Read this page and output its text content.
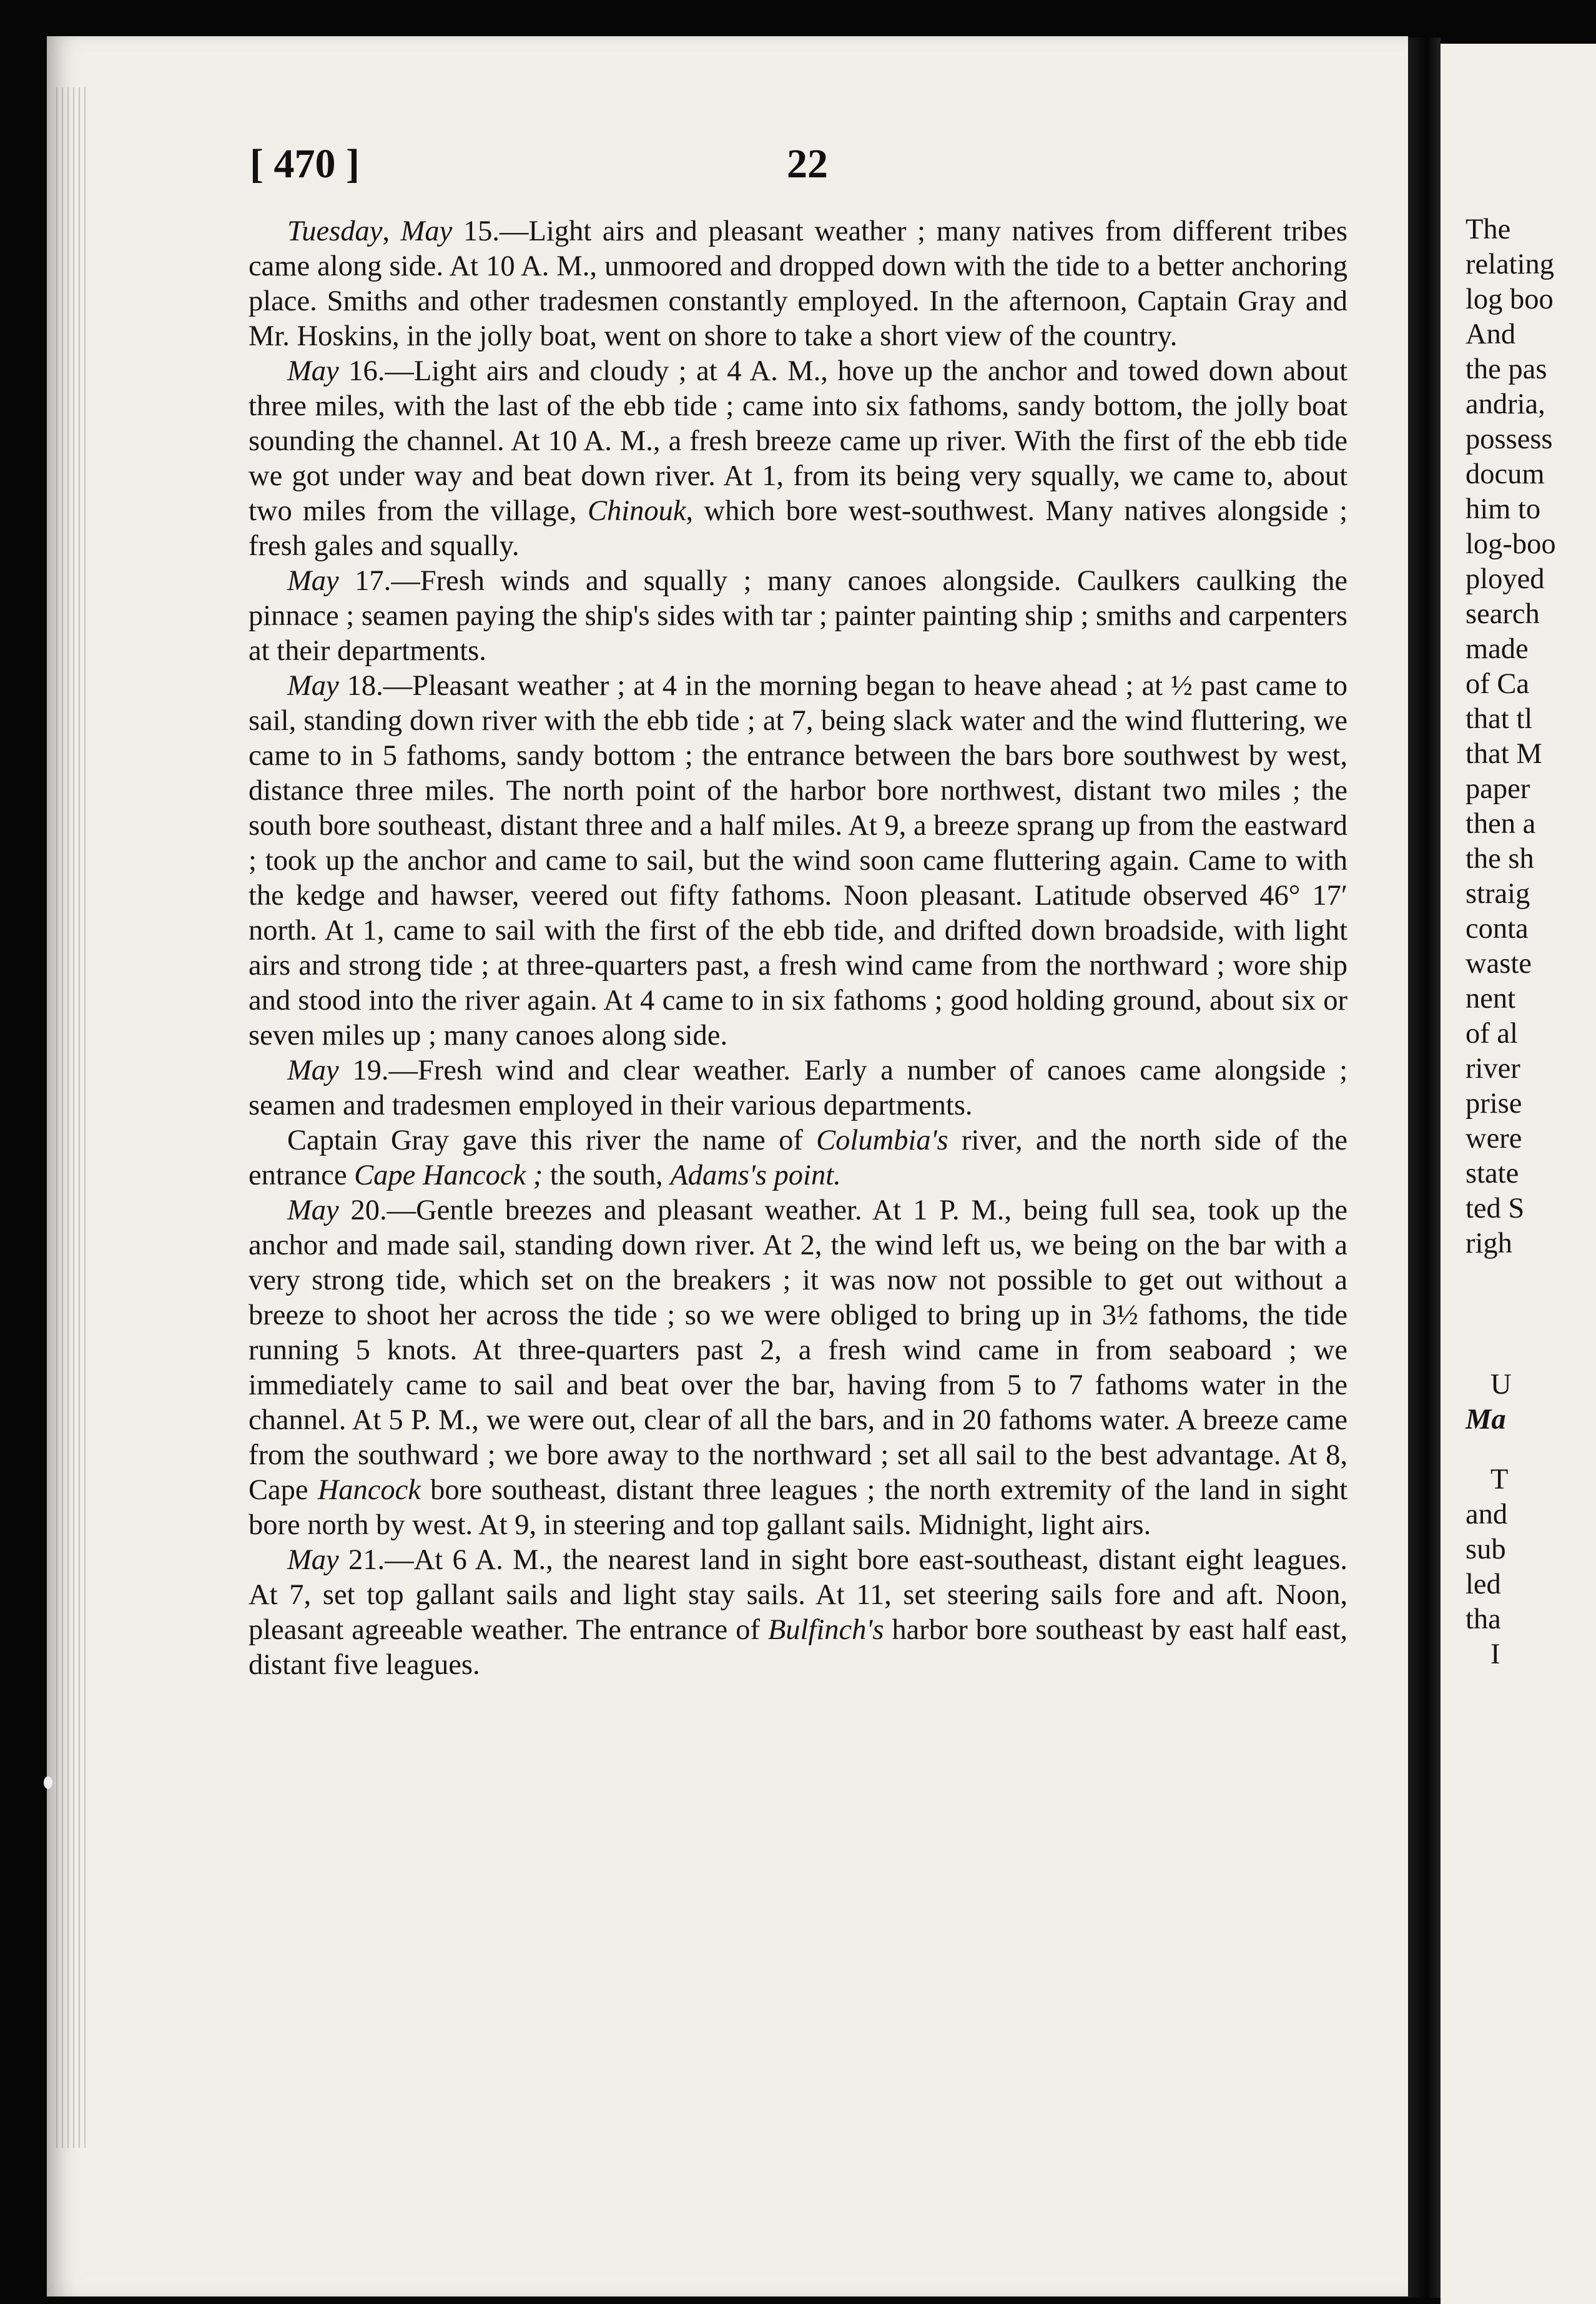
The
relating
log boo
And
the pas
andria,
possess
docum
him to
log-boo
ployed
search
made
of Ca
that tl
that M
paper
then a
the sh
straig
conta
waste
nent
of al
river
prise
were
state
ted S
righ
U
Ma
T
and
sub
led
tha
I
[ 470 ]	22

Tuesday, May 15.—Light airs and pleasant weather ; many natives from different tribes came along side. At 10 A. M., unmoored and dropped down with the tide to a better anchoring place. Smiths and other tradesmen constantly employed. In the afternoon, Captain Gray and Mr. Hoskins, in the jolly boat, went on shore to take a short view of the country.

May 16.—Light airs and cloudy ; at 4 A. M., hove up the anchor and towed down about three miles, with the last of the ebb tide ; came into six fathoms, sandy bottom, the jolly boat sounding the channel. At 10 A. M., a fresh breeze came up river. With the first of the ebb tide we got under way and beat down river. At 1, from its being very squally, we came to, about two miles from the village, Chinouk, which bore west-southwest. Many natives alongside ; fresh gales and squally.

May 17.—Fresh winds and squally ; many canoes alongside. Caulkers caulking the pinnace ; seamen paying the ship's sides with tar ; painter painting ship ; smiths and carpenters at their departments.

May 18.—Pleasant weather ; at 4 in the morning began to heave ahead ; at ½ past came to sail, standing down river with the ebb tide ; at 7, being slack water and the wind fluttering, we came to in 5 fathoms, sandy bottom ; the entrance between the bars bore southwest by west, distance three miles. The north point of the harbor bore northwest, distant two miles ; the south bore southeast, distant three and a half miles. At 9, a breeze sprang up from the eastward ; took up the anchor and came to sail, but the wind soon came fluttering again. Came to with the kedge and hawser, veered out fifty fathoms. Noon pleasant. Latitude observed 46° 17′ north. At 1, came to sail with the first of the ebb tide, and drifted down broadside, with light airs and strong tide ; at three-quarters past, a fresh wind came from the northward ; wore ship and stood into the river again. At 4 came to in six fathoms ; good holding ground, about six or seven miles up ; many canoes along side.

May 19.—Fresh wind and clear weather. Early a number of canoes came alongside ; seamen and tradesmen employed in their various departments.

Captain Gray gave this river the name of Columbia's river, and the north side of the entrance Cape Hancock ; the south, Adams's point.

May 20.—Gentle breezes and pleasant weather. At 1 P. M., being full sea, took up the anchor and made sail, standing down river. At 2, the wind left us, we being on the bar with a very strong tide, which set on the breakers ; it was now not possible to get out without a breeze to shoot her across the tide ; so we were obliged to bring up in 3½ fathoms, the tide running 5 knots. At three-quarters past 2, a fresh wind came in from seaboard ; we immediately came to sail and beat over the bar, having from 5 to 7 fathoms water in the channel. At 5 P. M., we were out, clear of all the bars, and in 20 fathoms water. A breeze came from the southward ; we bore away to the northward ; set all sail to the best advantage. At 8, Cape Hancock bore southeast, distant three leagues ; the north extremity of the land in sight bore north by west. At 9, in steering and top gallant sails. Midnight, light airs.

May 21.—At 6 A. M., the nearest land in sight bore east-southeast, distant eight leagues. At 7, set top gallant sails and light stay sails. At 11, set steering sails fore and aft. Noon, pleasant agreeable weather. The entrance of Bulfinch's harbor bore southeast by east half east, distant five leagues.
